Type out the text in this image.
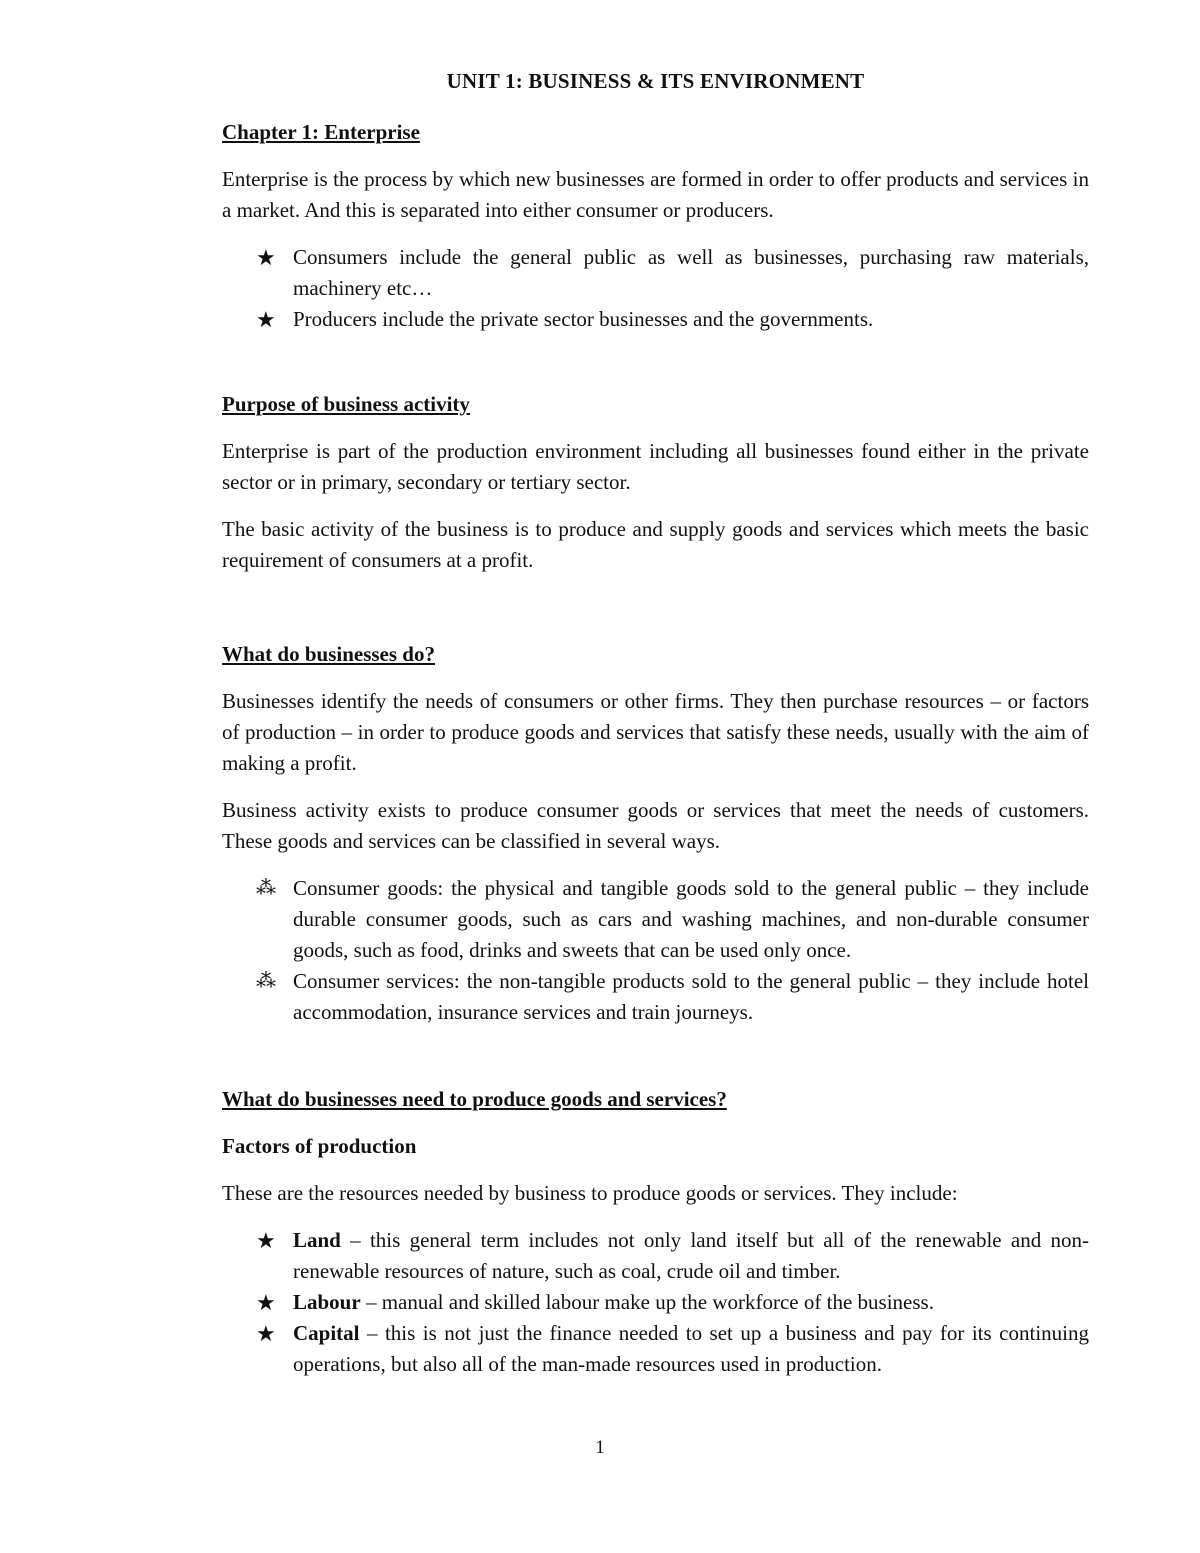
UNIT 1: BUSINESS & ITS ENVIRONMENT
Chapter 1: Enterprise

Enterprise is the process by which new businesses are formed in order to offer products and services in a market. And this is separated into either consumer or producers.

★ Consumers include the general public as well as businesses, purchasing raw materials, machinery etc…
★ Producers include the private sector businesses and the governments.
Purpose of business activity

Enterprise is part of the production environment including all businesses found either in the private sector or in primary, secondary or tertiary sector.

The basic activity of the business is to produce and supply goods and services which meets the basic requirement of consumers at a profit.

What do businesses do?

Businesses identify the needs of consumers or other firms. They then purchase resources – or factors of production – in order to produce goods and services that satisfy these needs, usually with the aim of making a profit.

Business activity exists to produce consumer goods or services that meet the needs of customers. These goods and services can be classified in several ways.

⁂ Consumer goods: the physical and tangible goods sold to the general public – they include durable consumer goods, such as cars and washing machines, and non-durable consumer goods, such as food, drinks and sweets that can be used only once.
⁂ Consumer services: the non-tangible products sold to the general public – they include hotel accommodation, insurance services and train journeys.
What do businesses need to produce goods and services?
Factors of production

These are the resources needed by business to produce goods or services. They include:

★ Land – this general term includes not only land itself but all of the renewable and non-renewable resources of nature, such as coal, crude oil and timber.
★ Labour – manual and skilled labour make up the workforce of the business.
★ Capital – this is not just the finance needed to set up a business and pay for its continuing operations, but also all of the man-made resources used in production.
1
